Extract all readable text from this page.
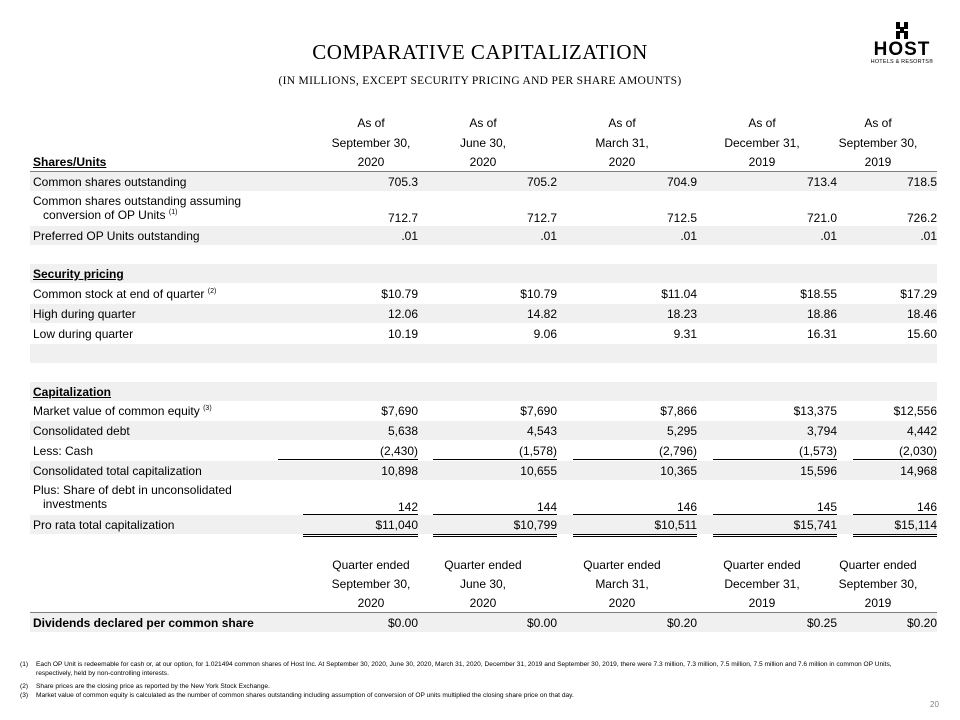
COMPARATIVE CAPITALIZATION
(IN MILLIONS, EXCEPT SECURITY PRICING AND PER SHARE AMOUNTS)
HOST
HOTELS & RESORTS®
As of	As of	As of	As of	As of
September 30,	June 30,	March 31,	December 31,	September 30,
2020	2020	2020	2019	2019
Shares/Units
Common shares outstanding	705.3	705.2	704.9	713.4	718.5
Common shares outstanding assuming
conversion of OP Units $^{(1)}$	712.7	712.7	712.5	721.0	726.2
Preferred OP Units outstanding	.01	.01	.01	.01	.01
Security pricing
Common stock at end of quarter $^{(2)}$	$10.79	$10.79	$11.04	$18.55	$17.29
High during quarter	12.06	14.82	18.23	18.86	18.46
Low during quarter	10.19	9.06	9.31	16.31	15.60
Capitalization
Market value of common equity $^{(3)}$	$7,690	$7,690	$7,866	$13,375	$12,556
Consolidated debt	5,638	4,543	5,295	3,794	4,442
Less: Cash	(2,430)	(1,578)	(2,796)	(1,573)	(2,030)
Consolidated total capitalization	10,898	10,655	10,365	15,596	14,968
Plus: Share of debt in unconsolidated
investments	142	144	146	145	146
Pro rata total capitalization	$11,040	$10,799	$10,511	$15,741	$15,114
Quarter ended	Quarter ended	Quarter ended	Quarter ended	Quarter ended
September 30,	June 30,	March 31,	December 31,	September 30,
2020	2020	2020	2019	2019
Dividends declared per common share	$0.00	$0.00	$0.20	$0.25	$0.20
(1) Each OP Unit is redeemable for cash or, at our option, for 1.021494 common shares of Host Inc. At September 30, 2020, June 30, 2020, March 31, 2020, December 31, 2019 and September 30, 2019, there were 7.3 million, 7.3 million, 7.5 million, 7.5 million and 7.6 million in common OP Units, respectively, held by non-controlling interests.
(2) Share prices are the closing price as reported by the New York Stock Exchange.
(3) Market value of common equity is calculated as the number of common shares outstanding including assumption of conversion of OP units multiplied the closing share price on that day.
20
